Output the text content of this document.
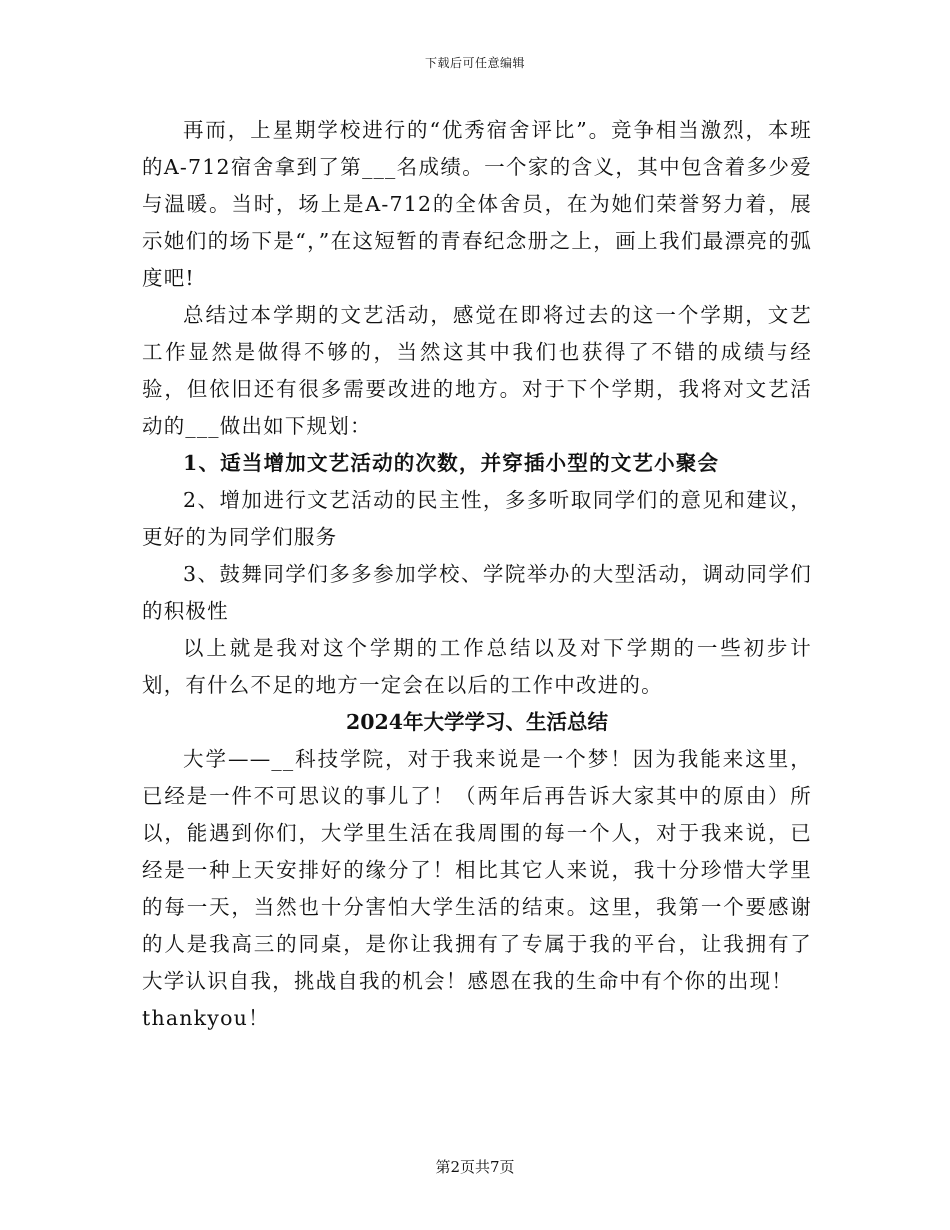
下载后可任意编辑

再而，上星期学校进行的“优秀宿舍评比”。竞争相当激烈，本班的A-712宿舍拿到了第___名成绩。一个家的含义，其中包含着多少爱与温暖。当时，场上是A-712的全体舍员，在为她们荣誉努力着，展示她们的场下是“，”在这短暂的青春纪念册之上，画上我们最漂亮的弧度吧!

总结过本学期的文艺活动，感觉在即将过去的这一个学期，文艺工作显然是做得不够的，当然这其中我们也获得了不错的成绩与经验，但依旧还有很多需要改进的地方。对于下个学期，我将对文艺活动的___做出如下规划：

1、适当增加文艺活动的次数，并穿插小型的文艺小聚会

2、增加进行文艺活动的民主性，多多听取同学们的意见和建议，更好的为同学们服务

3、鼓舞同学们多多参加学校、学院举办的大型活动，调动同学们的积极性

以上就是我对这个学期的工作总结以及对下学期的一些初步计划，有什么不足的地方一定会在以后的工作中改进的。

2024年大学学习、生活总结

大学——__科技学院，对于我来说是一个梦！因为我能来这里，已经是一件不可思议的事儿了！（两年后再告诉大家其中的原由）所以，能遇到你们，大学里生活在我周围的每一个人，对于我来说，已经是一种上天安排好的缘分了！相比其它人来说，我十分珍惜大学里的每一天，当然也十分害怕大学生活的结束。这里，我第一个要感谢的人是我高三的同桌，是你让我拥有了专属于我的平台，让我拥有了大学认识自我，挑战自我的机会！感恩在我的生命中有个你的出现！

thankyou！

第2页共7页
